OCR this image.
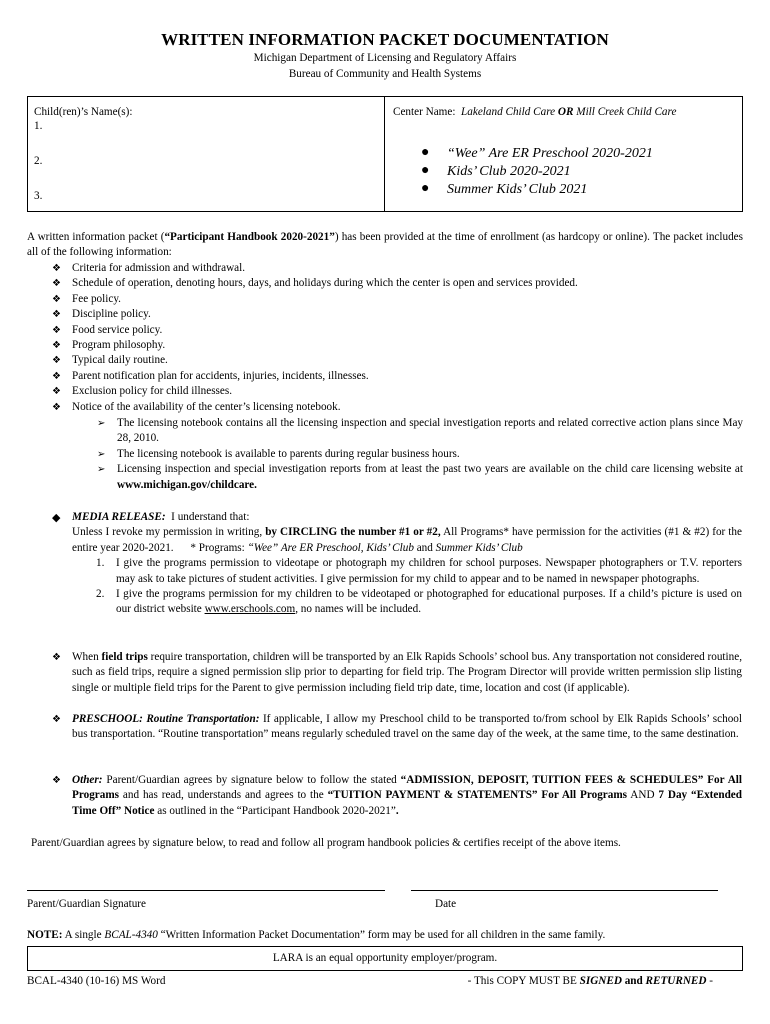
WRITTEN INFORMATION PACKET DOCUMENTATION
Michigan Department of Licensing and Regulatory Affairs
Bureau of Community and Health Systems
Child(ren)’s Name(s):
1.
2.
3.
Center Name: Lakeland Child Care OR Mill Creek Child Care
● “Wee” Are ER Preschool 2020-2021
● Kids’ Club 2020-2021
● Summer Kids’ Club 2021
A written information packet (“Participant Handbook 2020-2021”) has been provided at the time of enrollment (as hardcopy or online). The packet includes all of the following information:
❖ Criteria for admission and withdrawal.
❖ Schedule of operation, denoting hours, days, and holidays during which the center is open and services provided.
❖ Fee policy.
❖ Discipline policy.
❖ Food service policy.
❖ Program philosophy.
❖ Typical daily routine.
❖ Parent notification plan for accidents, injuries, incidents, illnesses.
❖ Exclusion policy for child illnesses.
❖ Notice of the availability of the center’s licensing notebook.
➢ The licensing notebook contains all the licensing inspection and special investigation reports and related corrective action plans since May 28, 2010.
➢ The licensing notebook is available to parents during regular business hours.
➢ Licensing inspection and special investigation reports from at least the past two years are available on the child care licensing website at www.michigan.gov/childcare.
◆ MEDIA RELEASE: I understand that:
Unless I revoke my permission in writing, by CIRCLING the number #1 or #2, All Programs* have permission for the activities (#1 & #2) for the entire year 2020-2021. * Programs: “Wee” Are ER Preschool, Kids’ Club and Summer Kids’ Club
1. I give the programs permission to videotape or photograph my children for school purposes. Newspaper photographers or T.V. reporters may ask to take pictures of student activities. I give permission for my child to appear and to be named in newspaper photographs.
2. I give the programs permission for my children to be videotaped or photographed for educational purposes. If a child’s picture is used on our district website www.erschools.com, no names will be included.
❖ When field trips require transportation, children will be transported by an Elk Rapids Schools’ school bus. Any transportation not considered routine, such as field trips, require a signed permission slip prior to departing for field trip. The Program Director will provide written permission slip listing single or multiple field trips for the Parent to give permission including field trip date, time, location and cost (if applicable).
❖ PRESCHOOL: Routine Transportation: If applicable, I allow my Preschool child to be transported to/from school by Elk Rapids Schools’ school bus transportation. “Routine transportation” means regularly scheduled travel on the same day of the week, at the same time, to the same destination.
❖ Other: Parent/Guardian agrees by signature below to follow the stated “ADMISSION, DEPOSIT, TUITION FEES & SCHEDULES” For All Programs and has read, understands and agrees to the “TUITION PAYMENT & STATEMENTS” For All Programs AND 7 Day “Extended Time Off” Notice as outlined in the “Participant Handbook 2020-2021”.
Parent/Guardian agrees by signature below, to read and follow all program handbook policies & certifies receipt of the above items.
Parent/Guardian Signature	Date
NOTE: A single BCAL-4340 “Written Information Packet Documentation” form may be used for all children in the same family.
LARA is an equal opportunity employer/program.
BCAL-4340 (10-16) MS Word	- This COPY MUST BE SIGNED and RETURNED -
